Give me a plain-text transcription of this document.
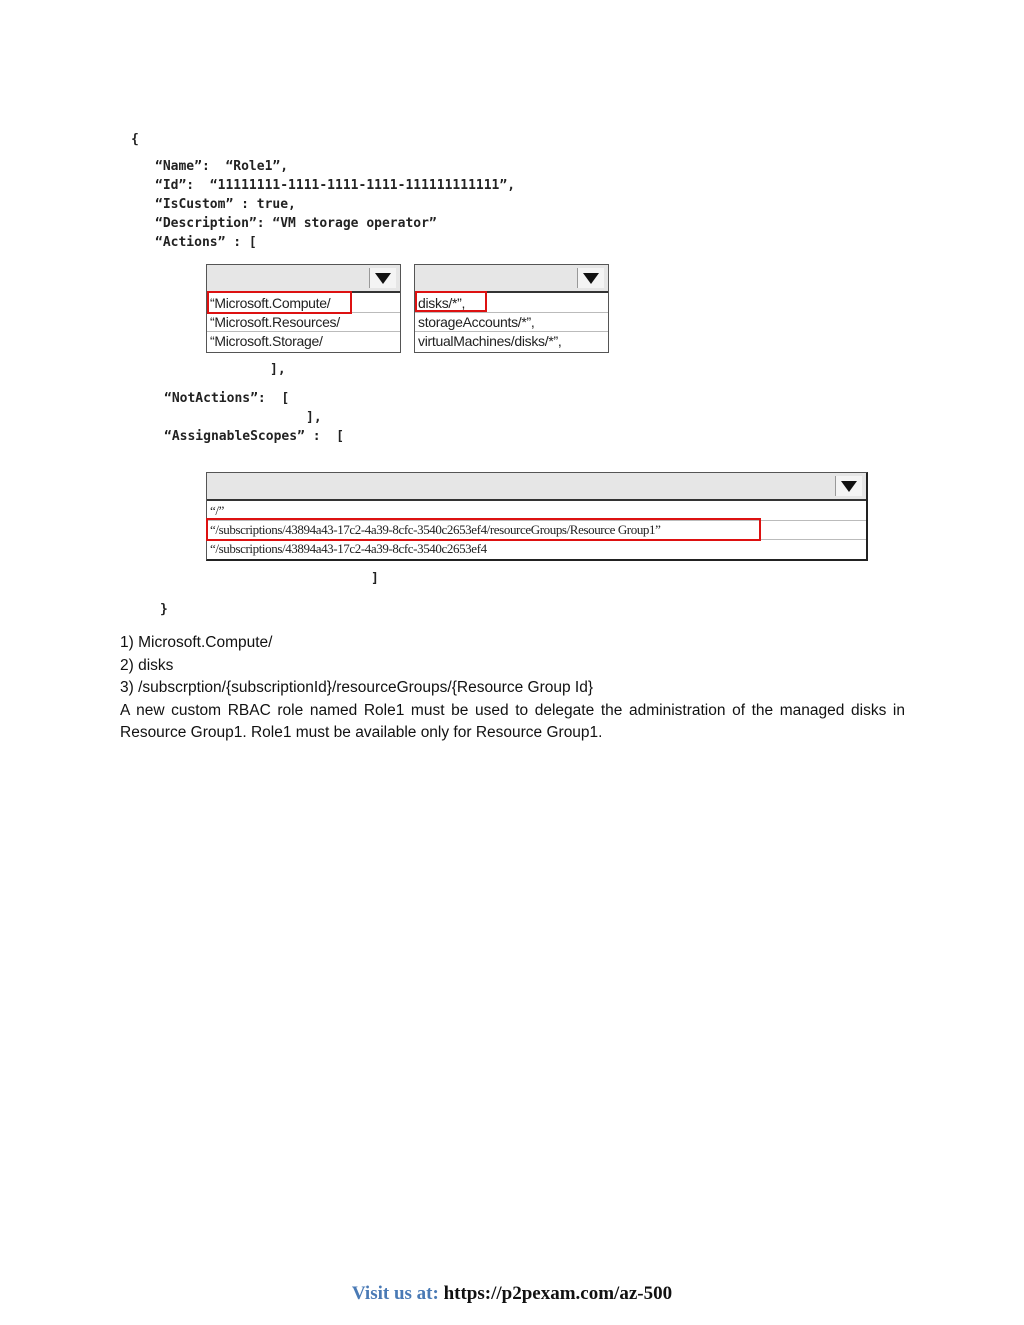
{
“Name”:  “Role1”,
“Id”:  “11111111-1111-1111-1111-111111111111”,
“IsCustom” : true,
“Description”: “VM storage operator”
“Actions” : [
“Microsoft.Compute/
“Microsoft.Resources/
“Microsoft.Storage/
disks/*”,
storageAccounts/*”,
virtualMachines/disks/*”,
],
“NotActions”:  [
],
“AssignableScopes” :  [
“/”
“/subscriptions/43894a43-17c2-4a39-8cfc-3540c2653ef4/resourceGroups/Resource Group1”
“/subscriptions/43894a43-17c2-4a39-8cfc-3540c2653ef4
]
}
1) Microsoft.Compute/
2) disks
3) /subscrption/{subscriptionId}/resourceGroups/{Resource Group Id}
A new custom RBAC role named Role1 must be used to delegate the administration of the managed disks in Resource Group1. Role1 must be available only for Resource Group1.
Visit us at: https://p2pexam.com/az-500
